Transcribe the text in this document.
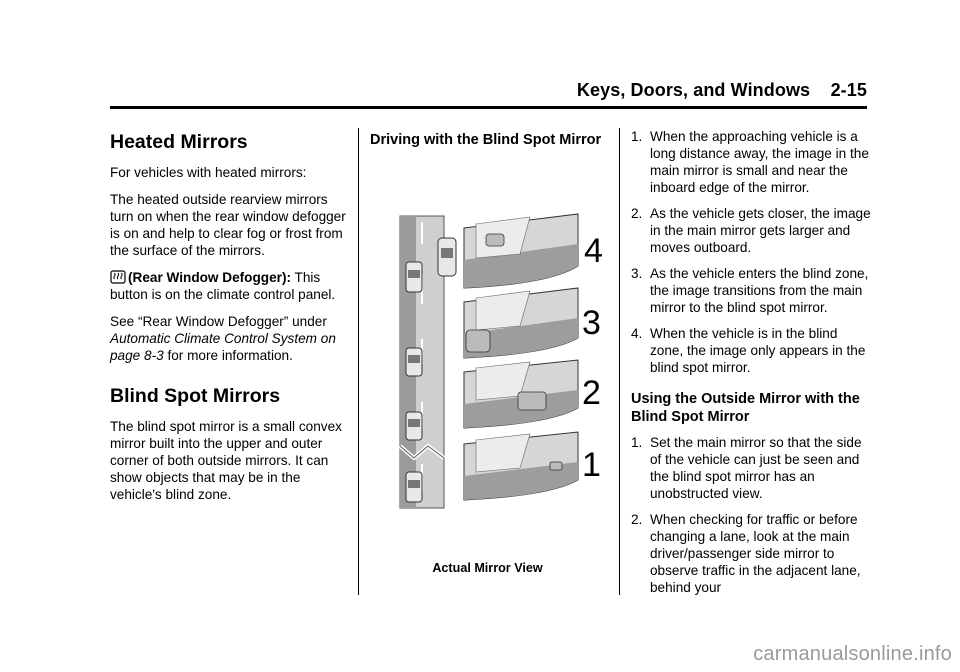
Keys, Doors, and Windows    2-15
Heated Mirrors

For vehicles with heated mirrors:

The heated outside rearview mirrors turn on when the rear window defogger is on and help to clear fog or frost from the surface of the mirrors.

(Rear Window Defogger): This button is on the climate control panel.

See “Rear Window Defogger” under Automatic Climate Control System on page 8-3 for more information.

Blind Spot Mirrors

The blind spot mirror is a small convex mirror built into the upper and outer corner of both outside mirrors. It can show objects that may be in the vehicle's blind zone.

Driving with the Blind Spot Mirror
4
3
2
1
Actual Mirror View
1. When the approaching vehicle is a long distance away, the image in the main mirror is small and near the inboard edge of the mirror.
2. As the vehicle gets closer, the image in the main mirror gets larger and moves outboard.
3. As the vehicle enters the blind zone, the image transitions from the main mirror to the blind spot mirror.
4. When the vehicle is in the blind zone, the image only appears in the blind spot mirror.
Using the Outside Mirror with the Blind Spot Mirror
1. Set the main mirror so that the side of the vehicle can just be seen and the blind spot mirror has an unobstructed view.
2. When checking for traffic or before changing a lane, look at the main driver/passenger side mirror to observe traffic in the adjacent lane, behind your
carmanualsonline.info
